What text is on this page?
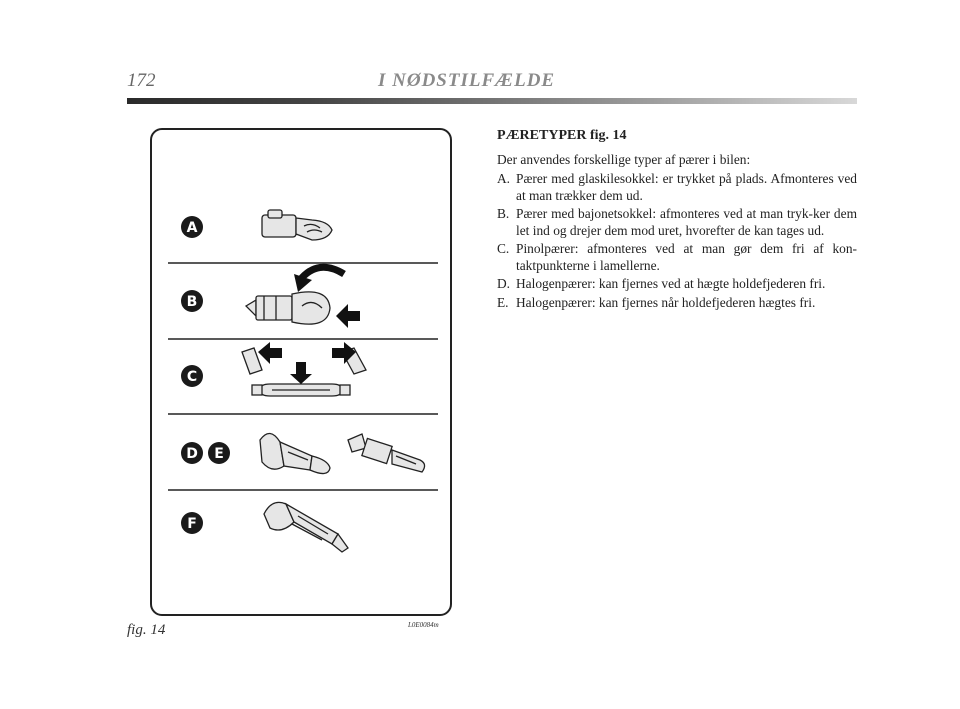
172	I NØDSTILFÆLDE
A
B
C
D E
F
fig. 14	L0E0084m

PÆRETYPER fig. 14

Der anvendes forskellige typer af pærer i bilen:

A. Pærer med glaskilesokkel: er trykket på plads. Afmonteres ved at man trækker dem ud.
B. Pærer med bajonetsokkel: afmonteres ved at man tryk-ker dem let ind og drejer dem mod uret, hvorefter de kan tages ud.
C. Pinolpærer: afmonteres ved at man gør dem fri af kon-taktpunkterne i lamellerne.
D. Halogenpærer: kan fjernes ved at hægte holdefjederen fri.
E. Halogenpærer: kan fjernes når holdefjederen hægtes fri.
